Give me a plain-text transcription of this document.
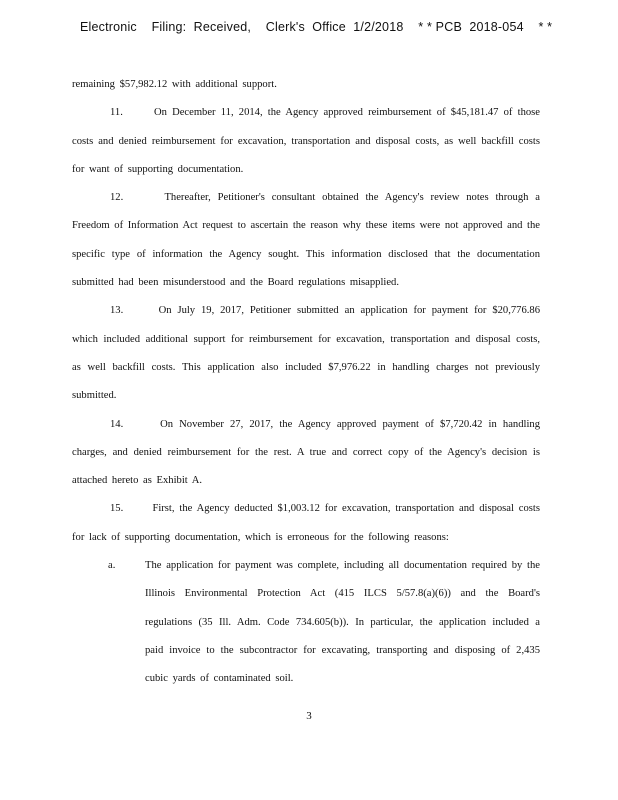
Electronic    Filing:  Received,    Clerk's  Office  1/2/2018    * * PCB  2018-054    * *

remaining $57,982.12 with additional support.

11.	On December 11, 2014, the Agency approved reimbursement of $45,181.47 of those costs and denied reimbursement for excavation, transportation and disposal costs, as well backfill costs for want of supporting documentation.

12.	Thereafter, Petitioner's consultant obtained the Agency's review notes through a Freedom of Information Act request to ascertain the reason why these items were not approved and the specific type of information the Agency sought. This information disclosed that the documentation submitted had been misunderstood and the Board regulations misapplied.

13.	On July 19, 2017, Petitioner submitted an application for payment for $20,776.86 which included additional support for reimbursement for excavation, transportation and disposal costs, as well backfill costs. This application also included $7,976.22 in handling charges not previously submitted.

14.	On November 27, 2017, the Agency approved payment of $7,720.42 in handling charges, and denied reimbursement for the rest. A true and correct copy of the Agency's decision is attached hereto as Exhibit A.

15.	First, the Agency deducted $1,003.12 for excavation, transportation and disposal costs for lack of supporting documentation, which is erroneous for the following reasons:

a.	The application for payment was complete, including all documentation required by the Illinois Environmental Protection Act (415 ILCS 5/57.8(a)(6)) and the Board's regulations (35 Ill. Adm. Code 734.605(b)). In particular, the application included a paid invoice to the subcontractor for excavating, transporting and disposing of 2,435 cubic yards of contaminated soil.
3
